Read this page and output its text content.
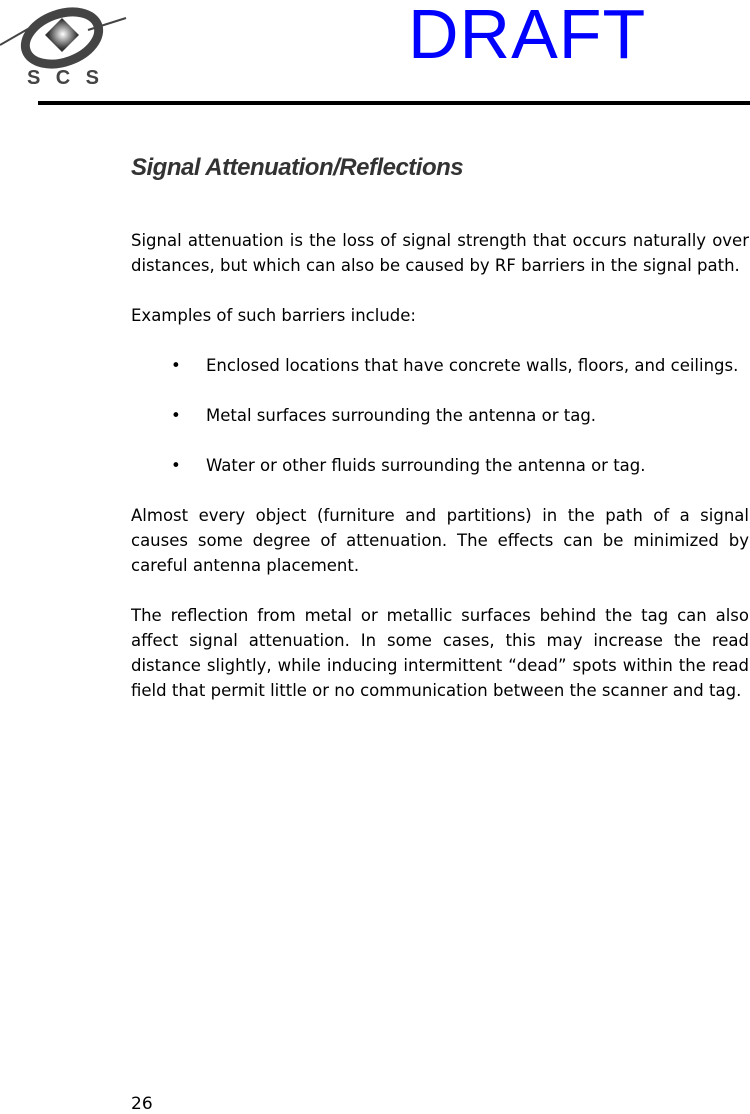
SCS
DRAFT
Signal Attenuation/Reflections

Signal attenuation is the loss of signal strength that occurs naturally over distances, but which can also be caused by RF barriers in the signal path.

Examples of such barriers include:

• Enclosed locations that have concrete walls, floors, and ceilings.
• Metal surfaces surrounding the antenna or tag.
• Water or other fluids surrounding the antenna or tag.

Almost every object (furniture and partitions) in the path of a signal causes some degree of attenuation. The effects can be minimized by careful antenna placement.

The reflection from metal or metallic surfaces behind the tag can also affect signal attenuation. In some cases, this may increase the read distance slightly, while inducing intermittent “dead” spots within the read field that permit little or no communication between the scanner and tag.

26
